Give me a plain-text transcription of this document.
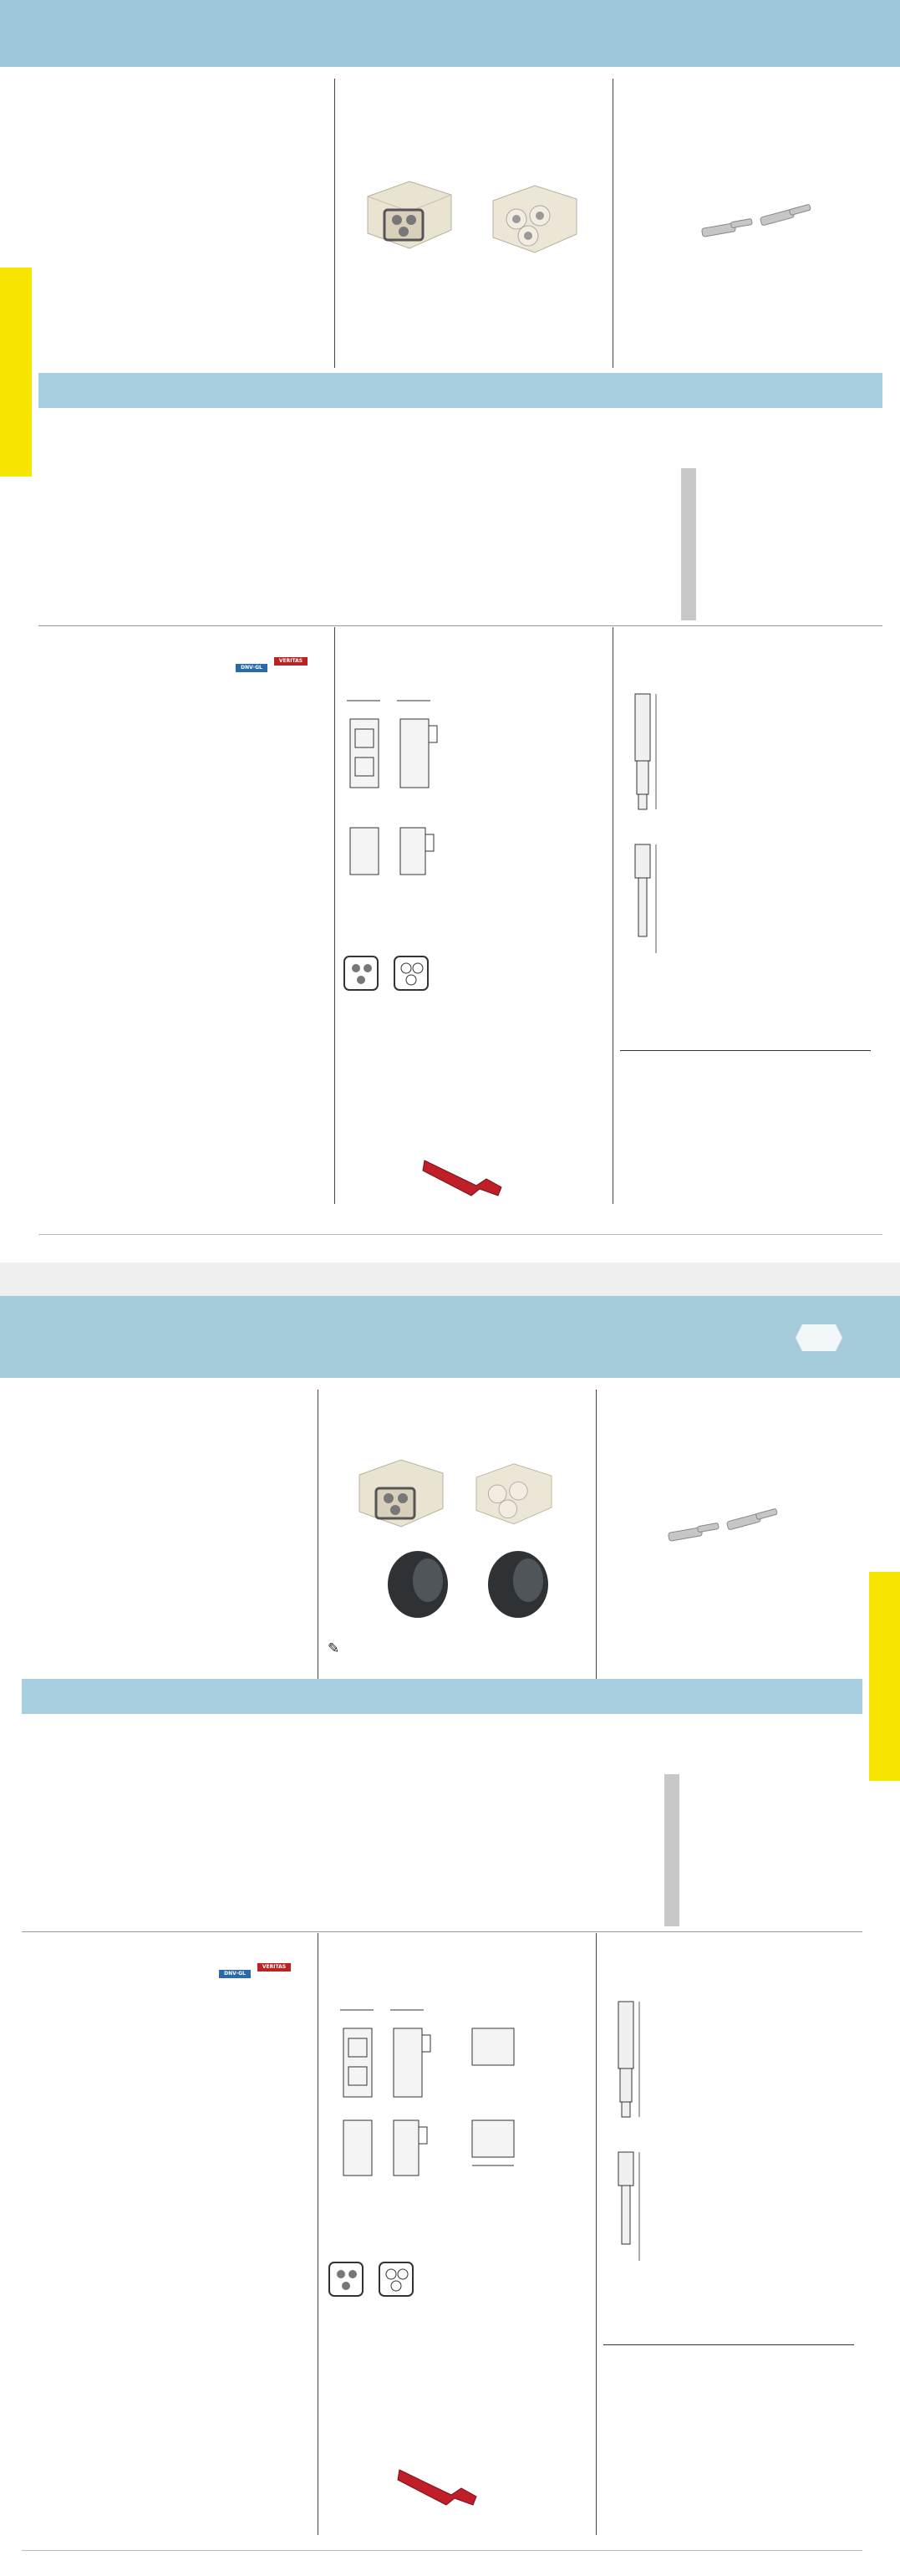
DNV·GL
VERITAS

✎
DNV·GL
VERITAS
